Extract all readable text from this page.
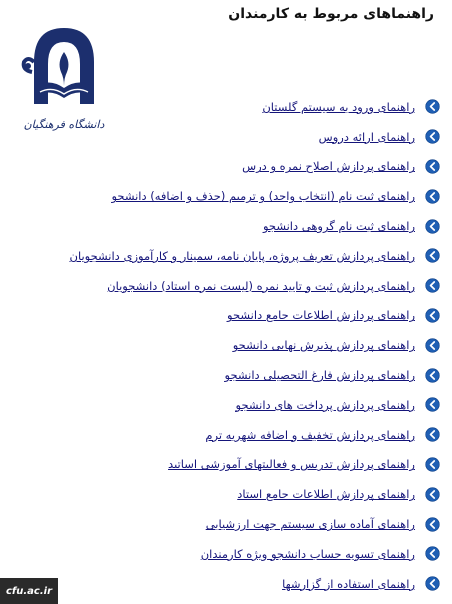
راهنماهای مربوط به کارمندان
دانشگاه فرهنگیان
راهنمای ورود به سیستم گلستان
راهنمای ارائه دروس
راهنمای پردازش اصلاح نمره و درس
راهنمای ثبت نام (انتخاب واحد) و ترمیم (حذف و اضافه) دانشجو
راهنمای ثبت نام گروهی دانشجو
راهنمای پردازش تعریف پروژه، پایان نامه، سمینار و کارآموزی دانشجویان
راهنمای پردازش ثبت و تایید نمره (لیست نمره استاد) دانشجویان
راهنمای پردازش اطلاعات جامع دانشجو
راهنمای پردازش پذیرش نهایی دانشجو
راهنمای پردازش فارغ التحصیلی دانشجو
راهنمای پردازش پرداخت های دانشجو
راهنمای پردازش تخفیف و اضافه شهریه ترم
راهنمای پردازش تدریس و فعالیتهای آموزشی اساتید
راهنمای پردازش اطلاعات جامع استاد
راهنمای آماده سازی سیستم جهت ارزشیابی
راهنمای تسویه حساب دانشجو ویژه کارمندان
راهنمای استفاده از گزارشها
cfu.ac.ir
